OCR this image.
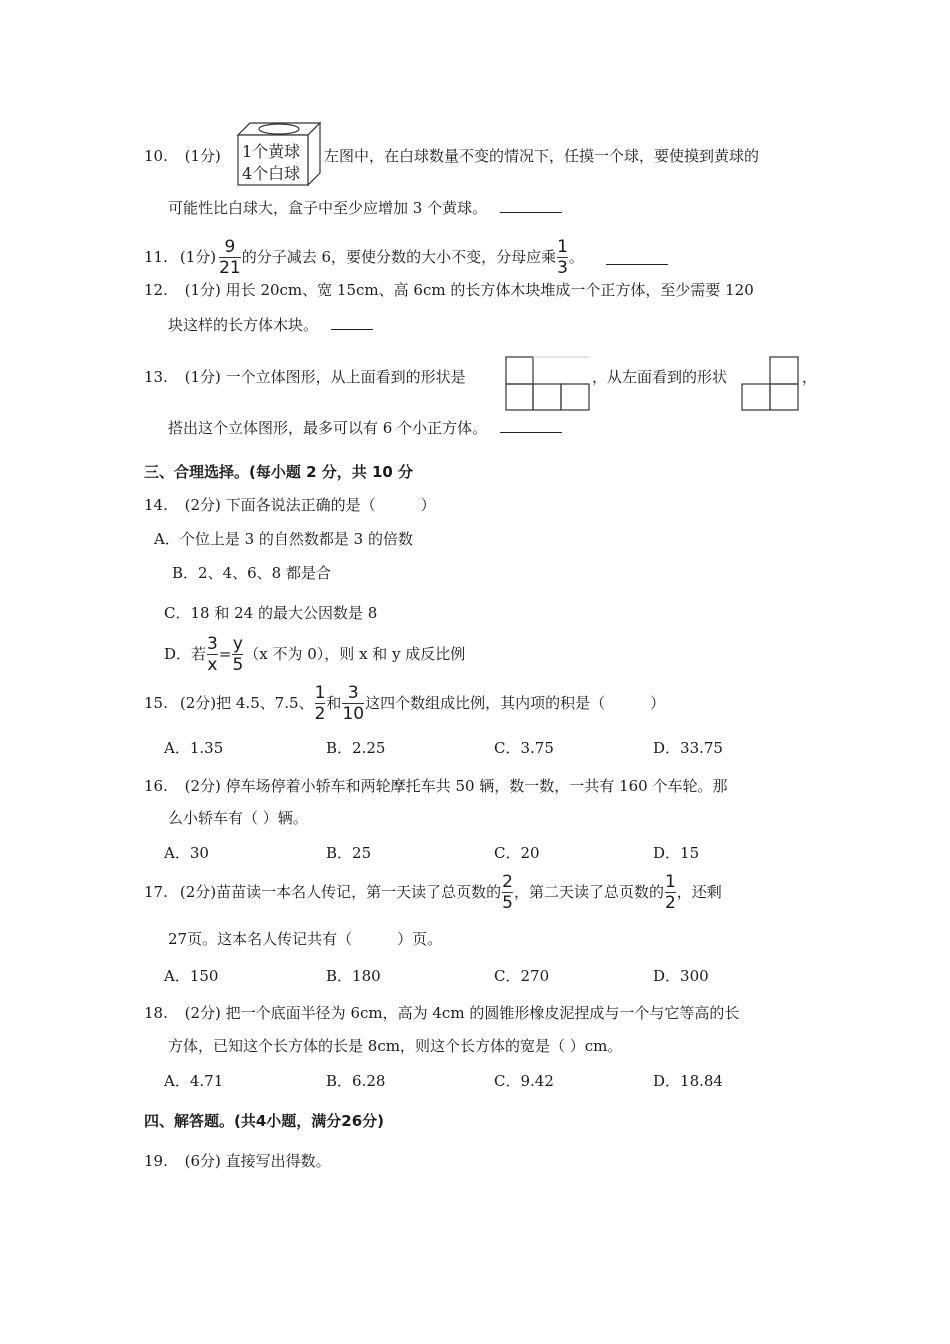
10. (1分) 1个黄球
4个白球
左图中，在白球数量不变的情况下，任摸一个球，要使摸到黄球的
可能性比白球大，盒子中至少应增加 3 个黄球。
11. (1分) $\frac{9}{21}$ 的分子减去 6，要使分数的大小不变，分母应乘 $\frac{1}{3}$ 。
12. (1分) 用长 20cm、宽 15cm、高 6cm 的长方体木块堆成一个正方体，至少需要 120
块这样的长方体木块。
13. (1分) 一个立体图形，从上面看到的形状是	，从左面看到的形状	，
搭出这个立体图形，最多可以有 6 个小正方体。
三、合理选择。(每小题 2 分，共 10 分
14. (2分) 下面各说法正确的是（　　　）
A．个位上是 3 的自然数都是 3 的倍数
B．2、4、6、8 都是合
C．18 和 24 的最大公因数是 8
D．若 $\frac{3}{x} = \frac{y}{5} (x$ 不为 0），则 x 和 y 成反比例
15. (2分) 把 4.5、7.5、 $\frac{1}{2}$ 和 $\frac{3}{10}$ 这四个数组成比例，其内项的积是（　　　）
A．1.35	B．2.25	C．3.75	D．33.75
16. (2分) 停车场停着小轿车和两轮摩托车共 50 辆，数一数，一共有 160 个车轮。那
么小轿车有（ ）辆。
A．30	B．25	C．20	D．15
17. (2分) 苗苗读一本名人传记，第一天读了总页数的 $\frac{2}{5}$ ，第二天读了总页数的 $\frac{1}{2}$ ，还剩
27页。这本名人传记共有（　　　）页。
A．150	B．180	C．270	D．300
18. (2分) 把一个底面半径为 6cm，高为 4cm 的圆锥形橡皮泥捏成与一个与它等高的长
方体，已知这个长方体的长是 8cm，则这个长方体的宽是（ ）cm。
A．4.71	B．6.28	C．9.42	D．18.84
四、解答题。(共4小题，满分26分)
19. (6分) 直接写出得数。
